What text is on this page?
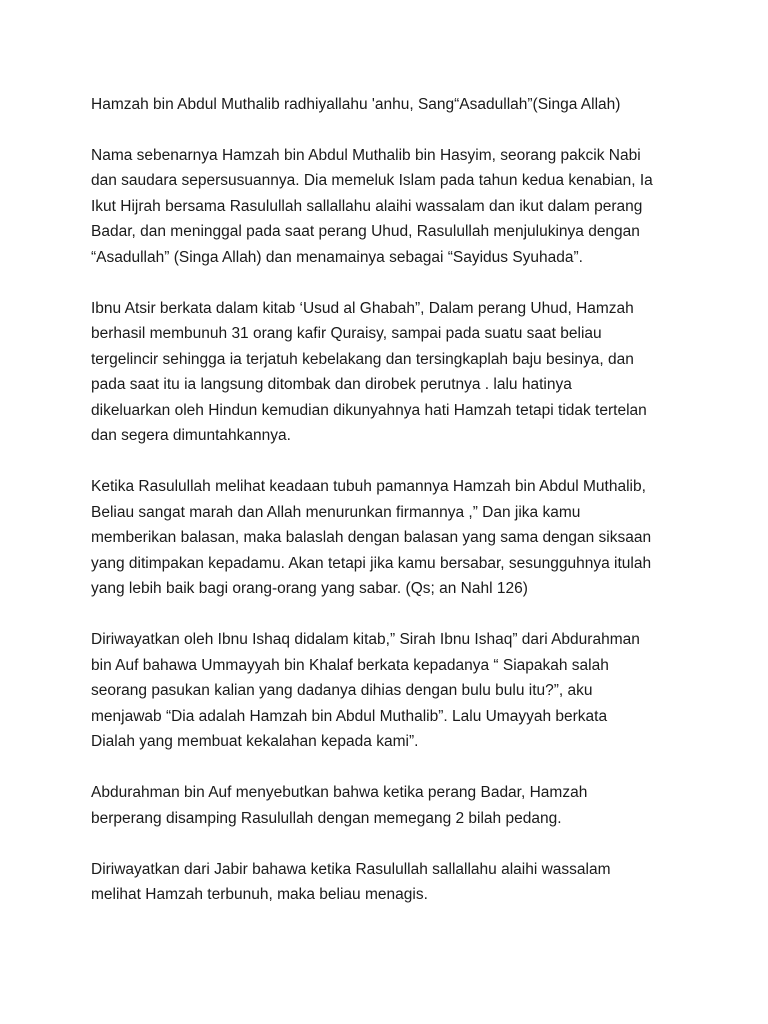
Hamzah bin Abdul Muthalib radhiyallahu 'anhu, Sang“Asadullah”(Singa Allah)

Nama sebenarnya Hamzah bin Abdul Muthalib bin Hasyim, seorang pakcik Nabi
dan saudara sepersusuannya. Dia memeluk Islam pada tahun kedua kenabian, Ia
Ikut Hijrah bersama Rasulullah sallallahu alaihi wassalam dan ikut dalam perang
Badar, dan meninggal pada saat perang Uhud, Rasulullah menjulukinya dengan
“Asadullah” (Singa Allah) dan menamainya sebagai “Sayidus Syuhada”.

Ibnu Atsir berkata dalam kitab ‘Usud al Ghabah”, Dalam perang Uhud, Hamzah
berhasil membunuh 31 orang kafir Quraisy, sampai pada suatu saat beliau
tergelincir sehingga ia terjatuh kebelakang dan tersingkaplah baju besinya, dan
pada saat itu ia langsung ditombak dan dirobek perutnya . lalu hatinya
dikeluarkan oleh Hindun kemudian dikunyahnya hati Hamzah tetapi tidak tertelan
dan segera dimuntahkannya.

Ketika Rasulullah melihat keadaan tubuh pamannya Hamzah bin Abdul Muthalib,
Beliau sangat marah dan Allah menurunkan firmannya ,” Dan jika kamu
memberikan balasan, maka balaslah dengan balasan yang sama dengan siksaan
yang ditimpakan kepadamu. Akan tetapi jika kamu bersabar, sesungguhnya itulah
yang lebih baik bagi orang-orang yang sabar. (Qs; an Nahl 126)

Diriwayatkan oleh Ibnu Ishaq didalam kitab,” Sirah Ibnu Ishaq” dari Abdurahman
bin Auf bahawa Ummayyah bin Khalaf berkata kepadanya “ Siapakah salah
seorang pasukan kalian yang dadanya dihias dengan bulu bulu itu?”, aku
menjawab “Dia adalah Hamzah bin Abdul Muthalib”. Lalu Umayyah berkata
Dialah yang membuat kekalahan kepada kami”.

Abdurahman bin Auf menyebutkan bahwa ketika perang Badar, Hamzah
berperang disamping Rasulullah dengan memegang 2 bilah pedang.

Diriwayatkan dari Jabir bahawa ketika Rasulullah sallallahu alaihi wassalam
melihat Hamzah terbunuh, maka beliau menagis.
